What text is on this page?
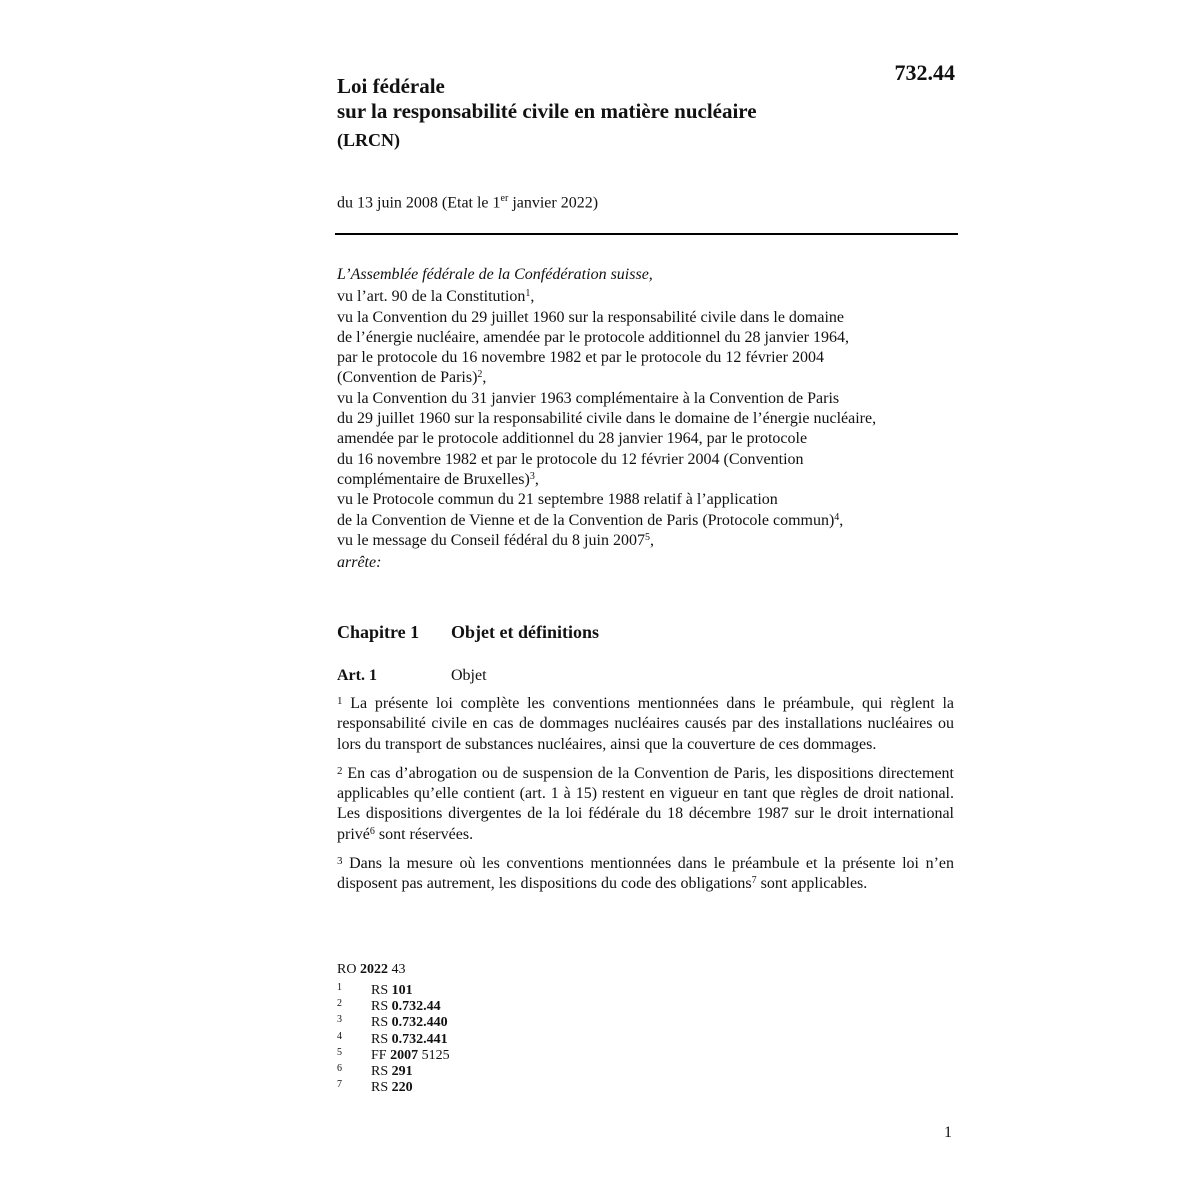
732.44
Loi fédérale
sur la responsabilité civile en matière nucléaire
(LRCN)
du 13 juin 2008 (Etat le 1er janvier 2022)
L’Assemblée fédérale de la Confédération suisse,
vu l’art. 90 de la Constitution$^1$,
vu la Convention du 29 juillet 1960 sur la responsabilité civile dans le domaine
de l’énergie nucléaire, amendée par le protocole additionnel du 28 janvier 1964,
par le protocole du 16 novembre 1982 et par le protocole du 12 février 2004
(Convention de Paris)$^2$,
vu la Convention du 31 janvier 1963 complémentaire à la Convention de Paris
du 29 juillet 1960 sur la responsabilité civile dans le domaine de l’énergie nucléaire,
amendée par le protocole additionnel du 28 janvier 1964, par le protocole
du 16 novembre 1982 et par le protocole du 12 février 2004 (Convention
complémentaire de Bruxelles)$^3$,
vu le Protocole commun du 21 septembre 1988 relatif à l’application
de la Convention de Vienne et de la Convention de Paris (Protocole commun)$^4$,
vu le message du Conseil fédéral du 8 juin 2007$^5$,
arrête:
Chapitre 1 Objet et définitions
Art. 1	Objet

$^1$ La présente loi complète les conventions mentionnées dans le préambule, qui règlent la responsabilité civile en cas de dommages nucléaires causés par des installations nucléaires ou lors du transport de substances nucléaires, ainsi que la couverture de ces dommages.

$^2$ En cas d’abrogation ou de suspension de la Convention de Paris, les dispositions directement applicables qu’elle contient (art. 1 à 15) restent en vigueur en tant que règles de droit national. Les dispositions divergentes de la loi fédérale du 18 décembre 1987 sur le droit international privé$^6$ sont réservées.

$^3$ Dans la mesure où les conventions mentionnées dans le préambule et la présente loi n’en disposent pas autrement, les dispositions du code des obligations$^7$ sont applicables.

RO 2022 43
1 RS 101
2 RS 0.732.44
3 RS 0.732.440
4 RS 0.732.441
5 FF 2007 5125
6 RS 291
7 RS 220
1
